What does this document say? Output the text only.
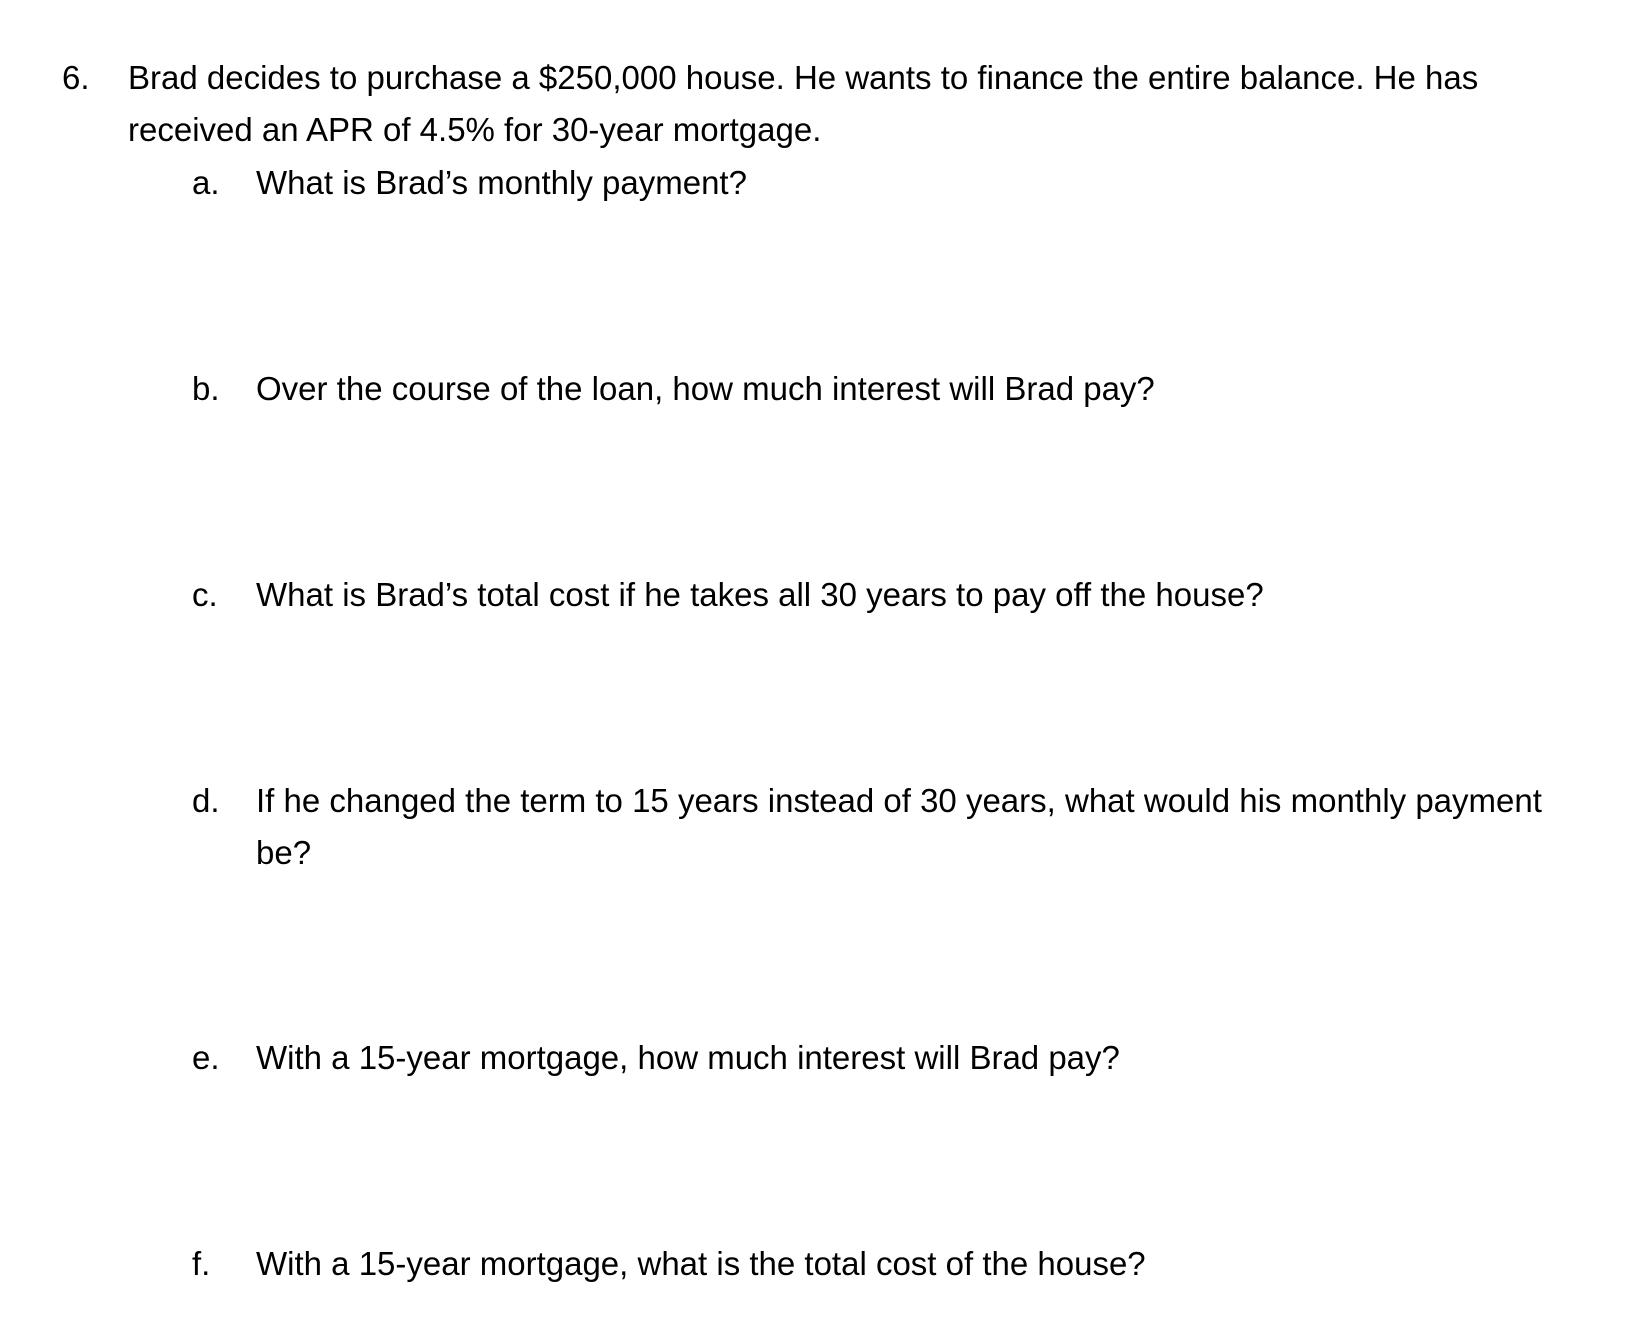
6.	Brad decides to purchase a $250,000 house. He wants to finance the entire balance. He has received an APR of 4.5% for 30-year mortgage.
a.	What is Brad’s monthly payment?
b.	Over the course of the loan, how much interest will Brad pay?
c.	What is Brad’s total cost if he takes all 30 years to pay off the house?
d.	If he changed the term to 15 years instead of 30 years, what would his monthly payment be?
e.	With a 15-year mortgage, how much interest will Brad pay?
f.	With a 15-year mortgage, what is the total cost of the house?
